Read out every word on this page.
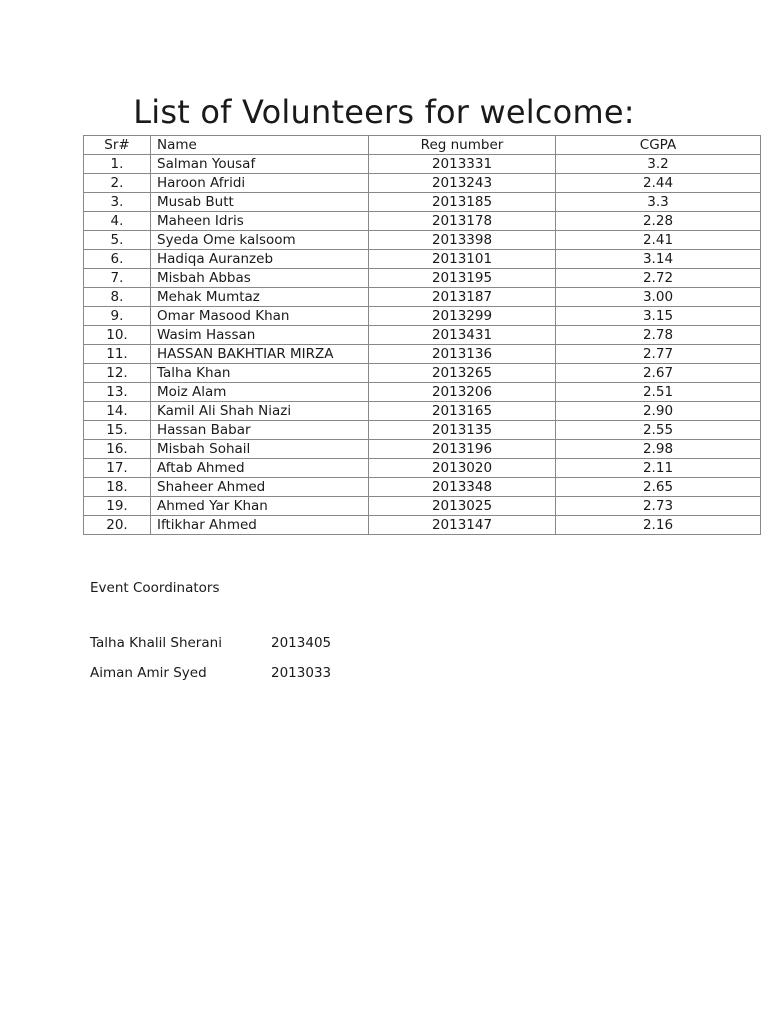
List of Volunteers for welcome:
Sr#	Name	Reg number	CGPA
1.	Salman Yousaf	2013331	3.2
2.	Haroon Afridi	2013243	2.44
3.	Musab Butt	2013185	3.3
4.	Maheen Idris	2013178	2.28
5.	Syeda Ome kalsoom	2013398	2.41
6.	Hadiqa Auranzeb	2013101	3.14
7.	Misbah Abbas	2013195	2.72
8.	Mehak Mumtaz	2013187	3.00
9.	Omar Masood Khan	2013299	3.15
10.	Wasim Hassan	2013431	2.78
11.	HASSAN BAKHTIAR MIRZA	2013136	2.77
12.	Talha Khan	2013265	2.67
13.	Moiz Alam	2013206	2.51
14.	Kamil Ali Shah Niazi	2013165	2.90
15.	Hassan Babar	2013135	2.55
16.	Misbah Sohail	2013196	2.98
17.	Aftab Ahmed	2013020	2.11
18.	Shaheer Ahmed	2013348	2.65
19.	Ahmed Yar Khan	2013025	2.73
20.	Iftikhar Ahmed	2013147	2.16
Event Coordinators
Talha Khalil Sherani	2013405
Aiman Amir Syed	2013033
